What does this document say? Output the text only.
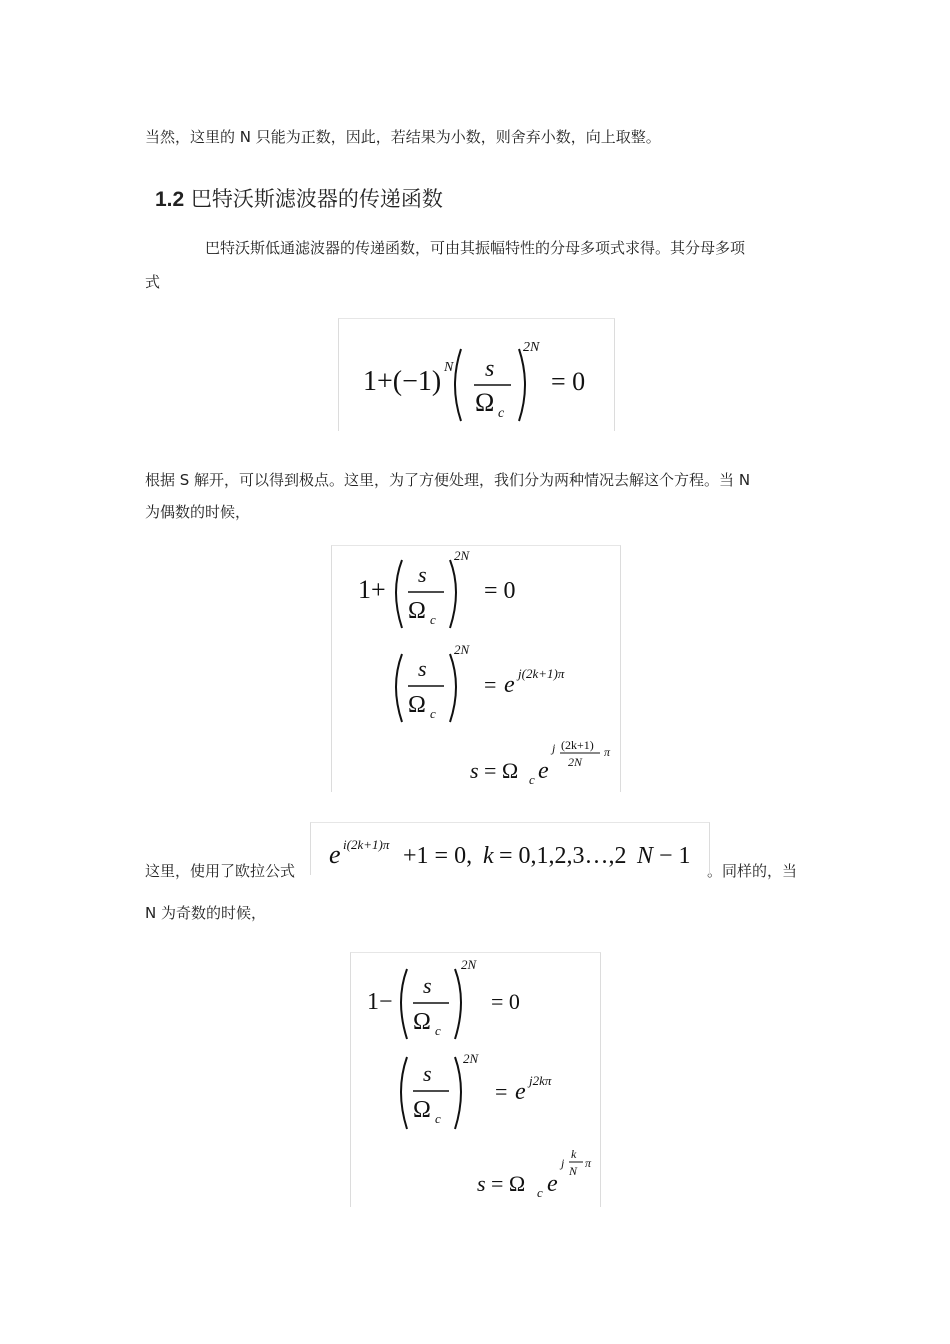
当然，这里的 N 只能为正数，因此，若结果为小数，则舍弃小数，向上取整。
1.2 巴特沃斯滤波器的传递函数
巴特沃斯低通滤波器的传递函数，可由其振幅特性的分母多项式求得。其分母多项
式
1+(−1) N s
Ω c
2N
= 0
根据 S 解开，可以得到极点。这里，为了方便处理，我们分为两种情况去解这个方程。当 N
为偶数的时候，
1+
s
Ω c
2N
= 0
s
Ω c
2N
= e j(2k+1)π
s = Ω c e
j (2k+1)
2N
π
这里，使用了欧拉公式	。同样的，当
e i(2k+1)π +1 = 0, k = 0,1,2,3…,2 N − 1
N 为奇数的时候，
1−
s
Ω c
2N
= 0
s
Ω c
2N
= e j2kπ
s = Ω c e
j
k
N
π
